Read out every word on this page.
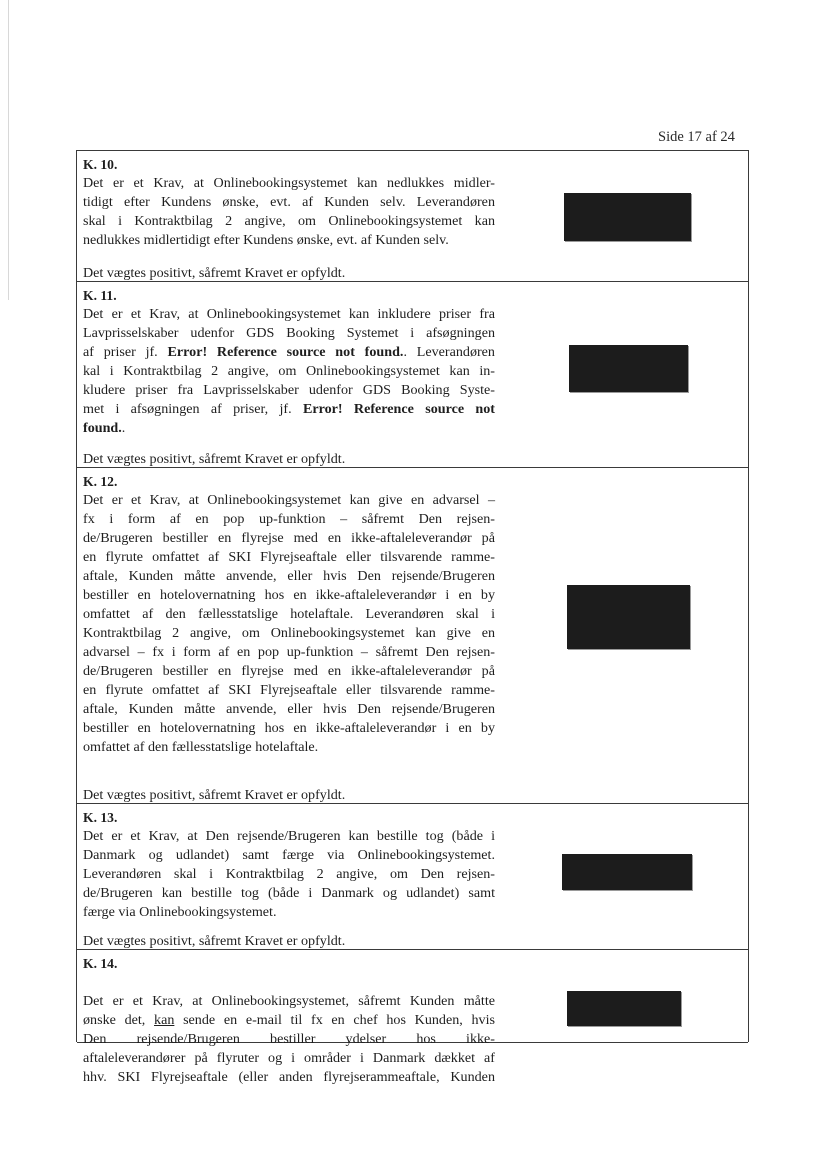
Side 17 af 24
K. 10.
Det er et Krav, at Onlinebookingsystemet kan nedlukkes midler-
tidigt efter Kundens ønske, evt. af Kunden selv. Leverandøren
skal i Kontraktbilag 2 angive, om Onlinebookingsystemet kan
nedlukkes midlertidigt efter Kundens ønske, evt. af Kunden selv.
Det vægtes positivt, såfremt Kravet er opfyldt.
K. 11.
Det er et Krav, at Onlinebookingsystemet kan inkludere priser fra
Lavprisselskaber udenfor GDS Booking Systemet i afsøgningen
af priser jf. Error! Reference source not found.. Leverandøren
kal i Kontraktbilag 2 angive, om Onlinebookingsystemet kan in-
kludere priser fra Lavprisselskaber udenfor GDS Booking Syste-
met i afsøgningen af priser, jf. Error! Reference source not
found..
Det vægtes positivt, såfremt Kravet er opfyldt.
K. 12.
Det er et Krav, at Onlinebookingsystemet kan give en advarsel –
fx i form af en pop up-funktion – såfremt Den rejsen-
de/Brugeren bestiller en flyrejse med en ikke-aftaleleverandør på
en flyrute omfattet af SKI Flyrejseaftale eller tilsvarende ramme-
aftale, Kunden måtte anvende, eller hvis Den rejsende/Brugeren
bestiller en hotelovernatning hos en ikke-aftaleleverandør i en by
omfattet af den fællesstatslige hotelaftale. Leverandøren skal i
Kontraktbilag 2 angive, om Onlinebookingsystemet kan give en
advarsel – fx i form af en pop up-funktion – såfremt Den rejsen-
de/Brugeren bestiller en flyrejse med en ikke-aftaleleverandør på
en flyrute omfattet af SKI Flyrejseaftale eller tilsvarende ramme-
aftale, Kunden måtte anvende, eller hvis Den rejsende/Brugeren
bestiller en hotelovernatning hos en ikke-aftaleleverandør i en by
omfattet af den fællesstatslige hotelaftale.
Det vægtes positivt, såfremt Kravet er opfyldt.
K. 13.
Det er et Krav, at Den rejsende/Brugeren kan bestille tog (både i
Danmark og udlandet) samt færge via Onlinebookingsystemet.
Leverandøren skal i Kontraktbilag 2 angive, om Den rejsen-
de/Brugeren kan bestille tog (både i Danmark og udlandet) samt
færge via Onlinebookingsystemet.
Det vægtes positivt, såfremt Kravet er opfyldt.
K. 14.
Det er et Krav, at Onlinebookingsystemet, såfremt Kunden måtte
ønske det, kan sende en e-mail til fx en chef hos Kunden, hvis
Den rejsende/Brugeren bestiller ydelser hos ikke-
aftaleleverandører på flyruter og i områder i Danmark dækket af
hhv. SKI Flyrejseaftale (eller anden flyrejserammeaftale, Kunden
